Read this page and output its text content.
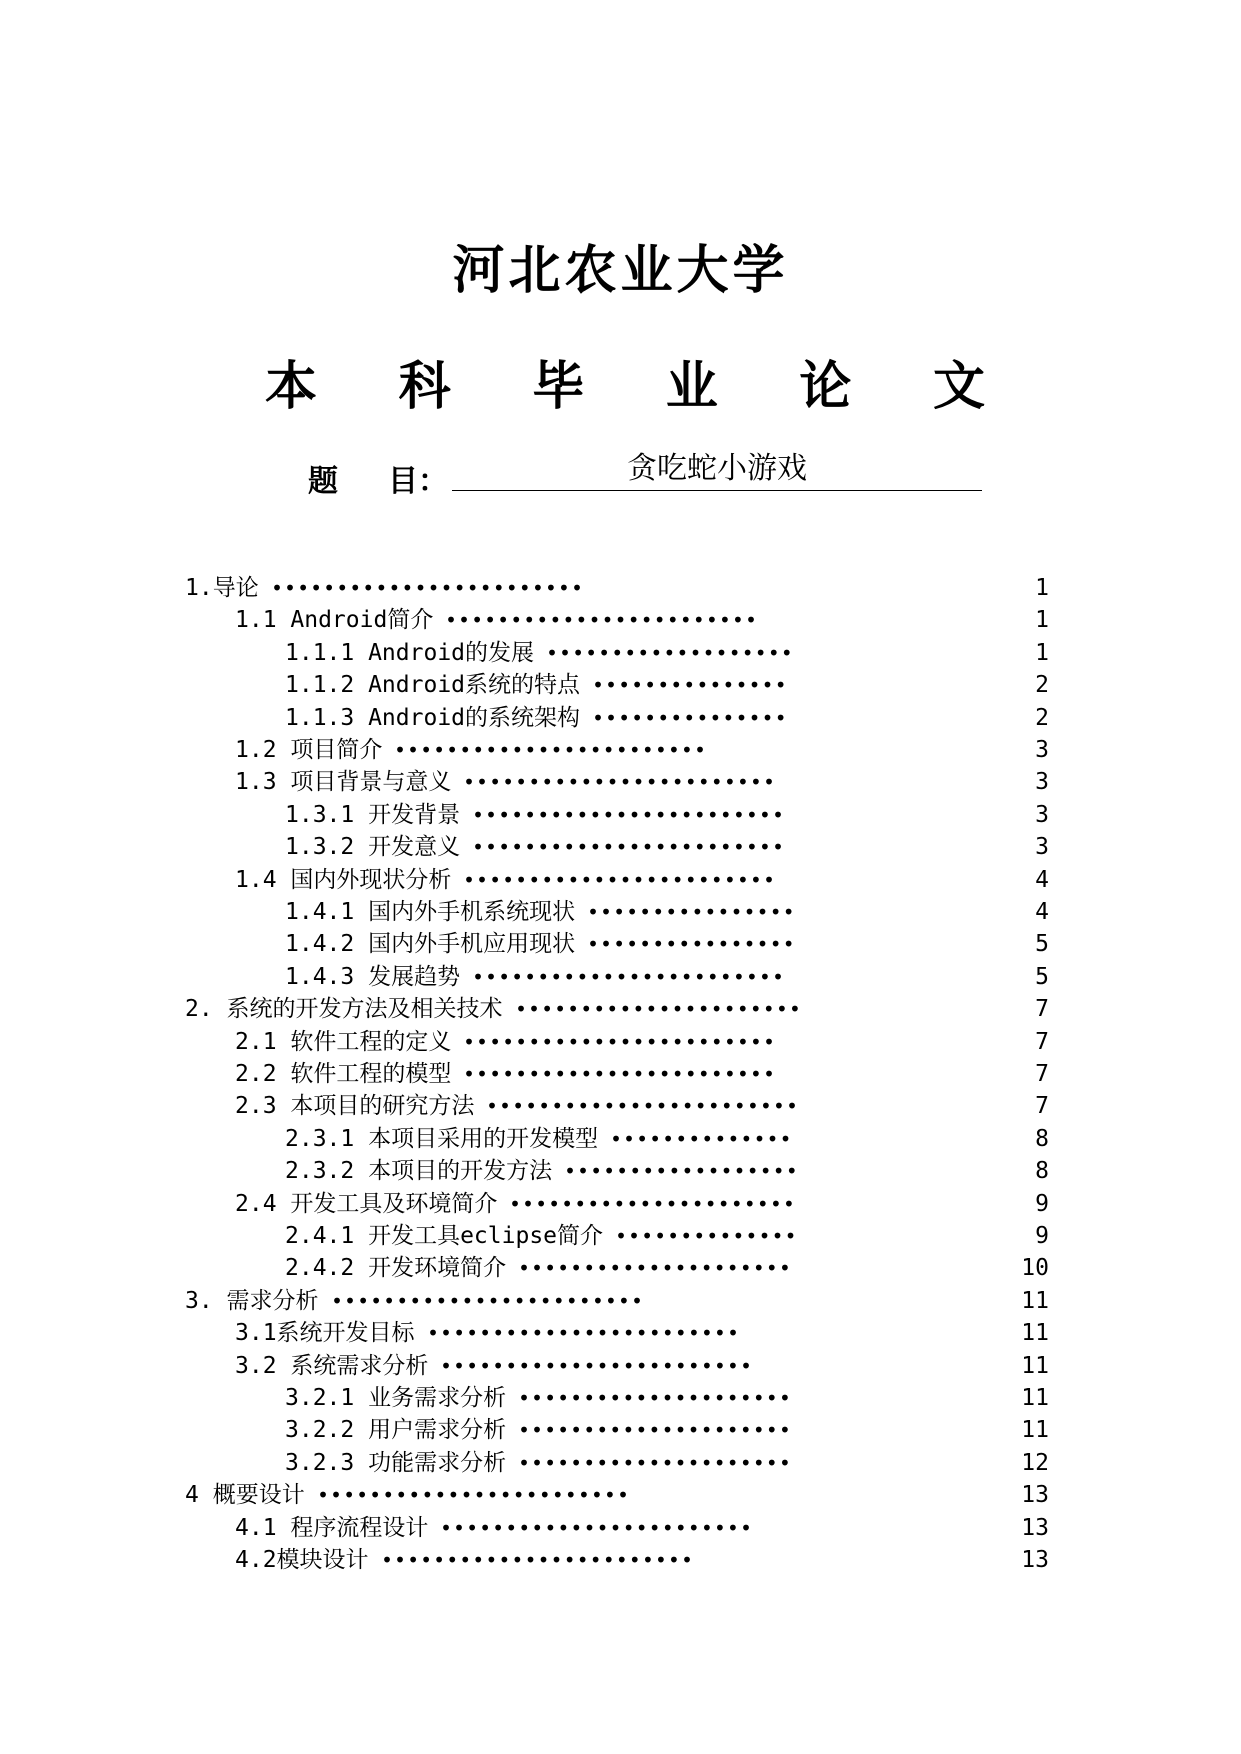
河北农业大学
本 科 毕 业 论 文
题 目：	贪吃蛇小游戏
1.导论	1
••••••••••••••••••••••••
1.1 Android简介	1
••••••••••••••••••••••••
1.1.1 Android的发展	1
•••••••••••••••••••
1.1.2 Android系统的特点	2
•••••••••••••••
1.1.3 Android的系统架构	2
•••••••••••••••
1.2 项目简介	3
••••••••••••••••••••••••
1.3 项目背景与意义	3
••••••••••••••••••••••••
1.3.1 开发背景	3
••••••••••••••••••••••••
1.3.2 开发意义	3
••••••••••••••••••••••••
1.4 国内外现状分析	4
••••••••••••••••••••••••
1.4.1 国内外手机系统现状	4
••••••••••••••••
1.4.2 国内外手机应用现状	5
••••••••••••••••
1.4.3 发展趋势	5
••••••••••••••••••••••••
2. 系统的开发方法及相关技术	7
••••••••••••••••••••••
2.1 软件工程的定义	7
••••••••••••••••••••••••
2.2 软件工程的模型	7
••••••••••••••••••••••••
2.3 本项目的研究方法	7
••••••••••••••••••••••••
2.3.1 本项目采用的开发模型	8
••••••••••••••
2.3.2 本项目的开发方法	8
••••••••••••••••••
2.4 开发工具及环境简介	9
••••••••••••••••••••••
2.4.1 开发工具eclipse简介	9
••••••••••••••
2.4.2 开发环境简介	10
•••••••••••••••••••••
3. 需求分析	11
••••••••••••••••••••••••
3.1系统开发目标	11
••••••••••••••••••••••••
3.2 系统需求分析	11
••••••••••••••••••••••••
3.2.1 业务需求分析	11
•••••••••••••••••••••
3.2.2 用户需求分析	11
•••••••••••••••••••••
3.2.3 功能需求分析	12
•••••••••••••••••••••
4 概要设计	13
••••••••••••••••••••••••
4.1 程序流程设计	13
••••••••••••••••••••••••
4.2模块设计	13
••••••••••••••••••••••••
